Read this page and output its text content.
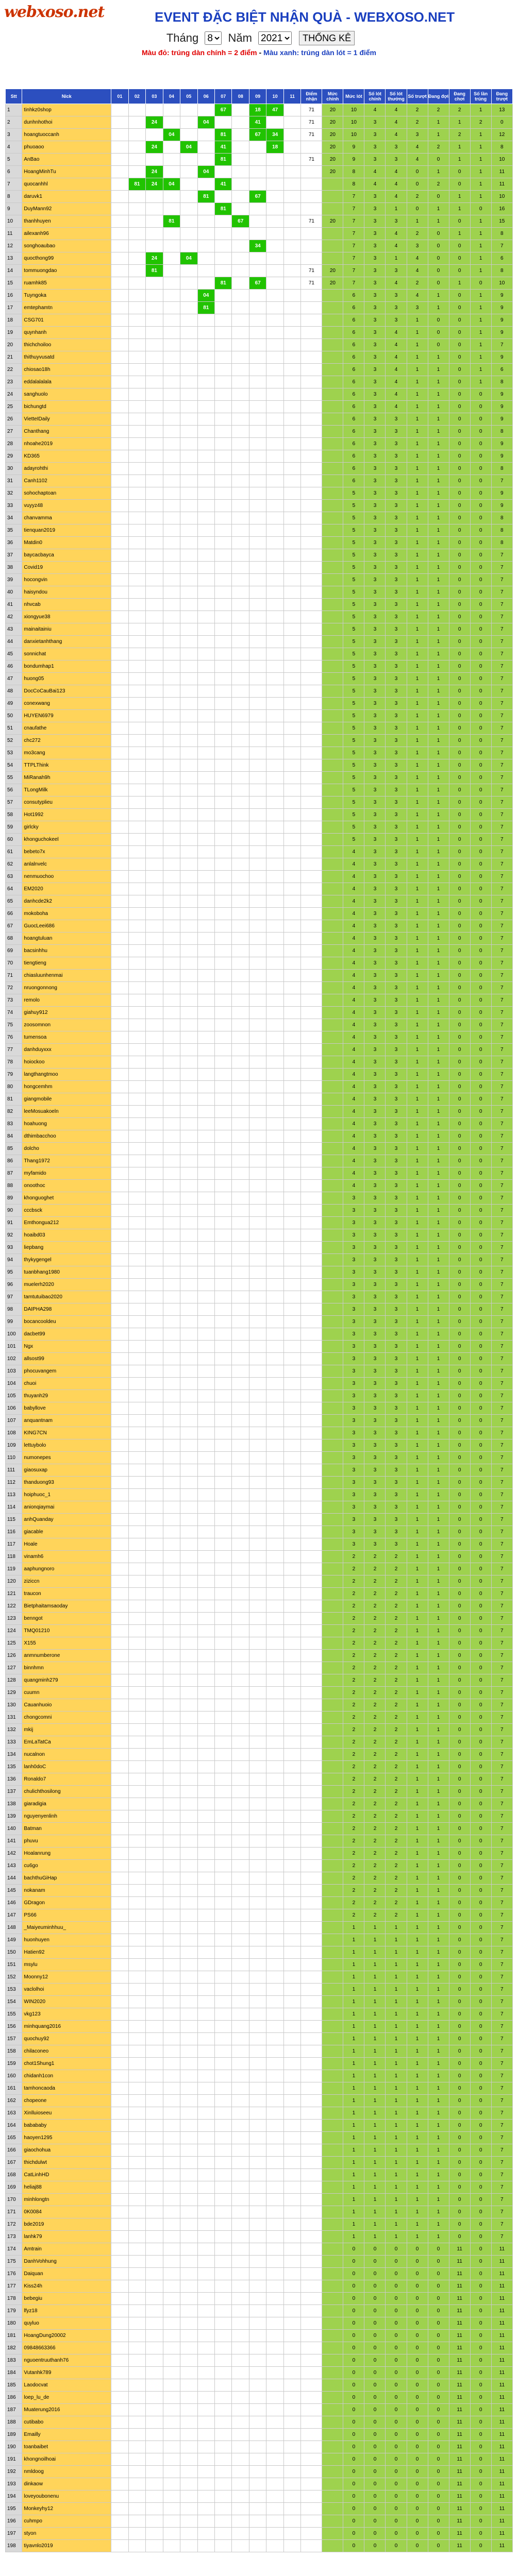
webxoso.net	EVENT ĐẶC BIỆT NHẬN QUÀ - WEBXOSO.NET
Tháng
8	Năm
2021	THỐNG KÊ
Màu đỏ: trúng dàn chính = 2 điểm - Màu xanh: trúng dàn lót = 1 điểm
Stt	Nick	01	02	03	04	05	06	07	08	09	10	11	Điểm nhận	Mức chính	Mức lót	Số lót chính	Số lót thưởng	Số trượt	Đang đợi	Đang chơi	Số lần trúng	Đang trượt
1	tinhkz0shop							67		18	47		71	20	10	4	4	2	2	2	1	13
2	dunhnhothoi			24			04			41			71	20	10	3	4	2	1	1	2	0
3	hoangtuoccanh				04			81		67	34		71	20	10	3	4	3	1	2	1	12
4	phuoaoo			24		04		41			18			20	9	3	3	4	2	1	1	8
5	AnBao							81					71	20	9	3	3	4	0	1	1	10
6	HoangMinhTu			24			04							20	8	4	4	0	1	0	1	11
7	quocanhhl		81	24	04			41							8	4	4	0	2	0	1	11
8	daruvk1						81			67					7	3	4	2	0	1	1	10
9	DuyMann92							81							7	3	1	0	1	1	0	16
10	thanhhuyen				81				67				71	20	7	3	3	1	1	0	1	15
11	ailexanh96														7	3	4	2	0	1	1	8
12	songhoaubao									34					7	3	4	3	0	0	1	7
13	quocthong99			24		04									7	3	1	4	0	0	1	6
14	tommuongdao			81									71	20	7	3	3	4	0	0	1	8
15	ruamhk85							81		67			71	20	7	3	4	2	0	1	0	10
16	Tuyngoka						04								6	3	3	4	1	0	1	9
17	emtephamtn						81								6	3	3	3	1	0	1	9
18	CSG701														6	3	3	1	0	0	1	9
19	quynhanh														6	3	4	1	0	0	1	9
20	thichchoiloo														6	3	4	1	0	0	1	7
21	thithuyvusatd														6	3	4	1	1	0	1	9
22	chiosao18h														6	3	4	1	1	0	1	6
23	eddalalalala														6	3	4	1	1	0	1	8
24	sanghuolo														6	3	4	1	1	0	0	9
25	bichungtd														6	3	4	1	1	0	0	9
26	VietteIDaily														6	3	3	1	1	0	0	9
27	Chanthang														6	3	3	1	1	0	0	8
28	nhoahe2019														6	3	3	1	1	0	0	9
29	KD365														6	3	3	1	1	0	0	9
30	adayrohthi														6	3	3	1	1	0	0	8
31	Canh1102														6	3	3	1	1	0	0	7
32	sohochaptoan														5	3	3	1	1	0	0	9
33	vuyyz48														5	3	3	1	1	0	0	9
34	chanvamma														5	3	3	1	1	0	0	8
35	tienquan2019														5	3	3	1	1	0	0	8
36	Matdin0														5	3	3	1	1	0	0	8
37	baycacbayca														5	3	3	1	1	0	0	7
38	Covid19														5	3	3	1	1	0	0	7
39	hocongvin														5	3	3	1	1	0	0	7
40	haisyndou														5	3	3	1	1	0	0	7
41	nhvcab														5	3	3	1	1	0	0	7
42	xiongyue38														5	3	3	1	1	0	0	7
43	mainaitainiu														5	3	3	1	1	0	0	7
44	danxietanhthang														5	3	3	1	1	0	0	7
45	sonnichat														5	3	3	1	1	0	0	7
46	bondumhap1														5	3	3	1	1	0	0	7
47	huong05														5	3	3	1	1	0	0	7
48	DocCoCauBai123														5	3	3	1	1	0	0	7
49	conexwang														5	3	3	1	1	0	0	7
50	HUYEN6979														5	3	3	1	1	0	0	7
51	cnaufathe														5	3	3	1	1	0	0	7
52	chc272														5	3	3	1	1	0	0	7
53	mo3cang														5	3	3	1	1	0	0	7
54	TTPLThink														5	3	3	1	1	0	0	7
55	MiRanah9h														5	3	3	1	1	0	0	7
56	TLongMilk														5	3	3	1	1	0	0	7
57	consutyplieu														5	3	3	1	1	0	0	7
58	Hot1992														5	3	3	1	1	0	0	7
59	girlcky														5	3	3	1	1	0	0	7
60	khonguchokeel														5	3	3	1	1	0	0	7
61	bebeto7x														4	3	3	1	1	0	0	7
62	anlalnvelc														4	3	3	1	1	0	0	7
63	nenmuochoo														4	3	3	1	1	0	0	7
64	EM2020														4	3	3	1	1	0	0	7
65	danhcde2k2														4	3	3	1	1	0	0	7
66	mokoboha														4	3	3	1	1	0	0	7
67	GuocLeei686														4	3	3	1	1	0	0	7
68	hoangtuluan														4	3	3	1	1	0	0	7
69	bacsinhhu														4	3	3	1	1	0	0	7
70	tiengtieng														4	3	3	1	1	0	0	7
71	chiasluunhenmai														4	3	3	1	1	0	0	7
72	nruongonnong														4	3	3	1	1	0	0	7
73	remolo														4	3	3	1	1	0	0	7
74	giahuy912														4	3	3	1	1	0	0	7
75	zoosomnon														4	3	3	1	1	0	0	7
76	tumensoa														4	3	3	1	1	0	0	7
77	danhduyxxx														4	3	3	1	1	0	0	7
78	hoiockoo														4	3	3	1	1	0	0	7
79	langthangtmoo														4	3	3	1	1	0	0	7
80	hongcemhm														4	3	3	1	1	0	0	7
81	giangmobile														4	3	3	1	1	0	0	7
82	leeMosuakoeln														4	3	3	1	1	0	0	7
83	hoahuong														4	3	3	1	1	0	0	7
84	dthimbacchoo														4	3	3	1	1	0	0	7
85	dolcho														4	3	3	1	1	0	0	7
86	Thang1972														4	3	3	1	1	0	0	7
87	myfamido														4	3	3	1	1	0	0	7
88	onoothoc														4	3	3	1	1	0	0	7
89	khonguoghet														3	3	3	1	1	0	0	7
90	cccbsck														3	3	3	1	1	0	0	7
91	Emthongua212														3	3	3	1	1	0	0	7
92	hoaibd03														3	3	3	1	1	0	0	7
93	liepbang														3	3	3	1	1	0	0	7
94	thykygengel														3	3	3	1	1	0	0	7
95	tuanbhang1980														3	3	3	1	1	0	0	7
96	muelerh2020														3	3	3	1	1	0	0	7
97	tamtutuibao2020														3	3	3	1	1	0	0	7
98	DAIPHA298														3	3	3	1	1	0	0	7
99	bocancooldeu														3	3	3	1	1	0	0	7
100	dacbet99														3	3	3	1	1	0	0	7
101	Ngx														3	3	3	1	1	0	0	7
102	allsost99														3	3	3	1	1	0	0	7
103	phocuvangem														3	3	3	1	1	0	0	7
104	chuoi														3	3	3	1	1	0	0	7
105	thuyanh29														3	3	3	1	1	0	0	7
106	babyllove														3	3	3	1	1	0	0	7
107	anquantnam														3	3	3	1	1	0	0	7
108	KING7CN														3	3	3	1	1	0	0	7
109	lettuybolo														3	3	3	1	1	0	0	7
110	numonepes														3	3	3	1	1	0	0	7
111	giaosuxap														3	3	3	1	1	0	0	7
112	thanduong93														3	3	3	1	1	0	0	7
113	hoiphuoc_1														3	3	3	1	1	0	0	7
114	anionqiaymai														3	3	3	1	1	0	0	7
115	anhQuanday														3	3	3	1	1	0	0	7
116	giacable														3	3	3	1	1	0	0	7
117	Hoale														3	3	3	1	1	0	0	7
118	vinamh6														2	2	2	1	1	0	0	7
119	aaphungnoro														2	2	2	1	1	0	0	7
120	ziziccn														2	2	2	1	1	0	0	7
121	traucon														2	2	2	1	1	0	0	7
122	Bietphaitamsaoday														2	2	2	1	1	0	0	7
123	benngot														2	2	2	1	1	0	0	7
124	TMQ01210														2	2	2	1	1	0	0	7
125	X155														2	2	2	1	1	0	0	7
126	anmnumberone														2	2	2	1	1	0	0	7
127	binnhmn														2	2	2	1	1	0	0	7
128	quangminh279														2	2	2	1	1	0	0	7
129	cuumn														2	2	2	1	1	0	0	7
130	Cauanhuoio														2	2	2	1	1	0	0	7
131	chongcomni														2	2	2	1	1	0	0	7
132	mkij														2	2	2	1	1	0	0	7
133	EmLaTatCa														2	2	2	1	1	0	0	7
134	nucalnon														2	2	2	1	1	0	0	7
135	lanh0doC														2	2	2	1	1	0	0	7
136	Ronaldo7														2	2	2	1	1	0	0	7
137	chulichthosilong														2	2	2	1	1	0	0	7
138	giaradigia														2	2	2	1	1	0	0	7
139	nguyenyenlinh														2	2	2	1	1	0	0	7
140	Batman														2	2	2	1	1	0	0	7
141	phuvu														2	2	2	1	1	0	0	7
142	Hoalanrung														2	2	2	1	1	0	0	7
143	cu6go														2	2	2	1	1	0	0	7
144	bachthuGiHap														2	2	2	1	1	0	0	7
145	nokanam														2	2	2	1	1	0	0	7
146	GDragon														2	2	2	1	1	0	0	7
147	PS66														2	2	2	1	1	0	0	7
148	_Maiyeuminhhuu_														1	1	1	1	1	0	0	7
149	huonhuyen														1	1	1	1	1	0	0	7
150	Hatien92														1	1	1	1	1	0	0	7
151	msylu														1	1	1	1	1	0	0	7
152	Moonny12														1	1	1	1	1	0	0	7
153	vaclolhoi														1	1	1	1	1	0	0	7
154	WIN2020														1	1	1	1	1	0	0	7
155	vkg123														1	1	1	1	1	0	0	7
156	minhquang2016														1	1	1	1	1	0	0	7
157	quochuy92														1	1	1	1	1	0	0	7
158	chilaconeo														1	1	1	1	1	0	0	7
159	chot1Shung1														1	1	1	1	1	0	0	7
160	chidanh1con														1	1	1	1	1	0	0	7
161	tamhoncaoda														1	1	1	1	1	0	0	7
162	chopeone														1	1	1	1	1	0	0	7
163	Xinlluioseeu														1	1	1	1	1	0	0	7
164	babababy														1	1	1	1	1	0	0	7
165	haoyen1295														1	1	1	1	1	0	0	7
166	giaochohua														1	1	1	1	1	0	0	7
167	thichdulwt														1	1	1	1	1	0	0	7
168	CatLinhHD														1	1	1	1	1	0	0	7
169	heliaj88														1	1	1	1	1	0	0	7
170	minhlongtn														1	1	1	1	1	0	0	7
171	0K0084														1	1	1	1	1	0	0	7
172	bde2019														1	1	1	1	1	0	0	7
173	lanhk79														1	1	1	1	1	0	0	7
174	Amtrain														0	0	0	0	0	11	0	11
175	DanhVohhung														0	0	0	0	0	11	0	11
176	Daiquan														0	0	0	0	0	11	0	11
177	Kiss24h														0	0	0	0	0	11	0	11
178	bebegiu														0	0	0	0	0	11	0	11
179	lfyz18														0	0	0	0	0	11	0	11
180	quyluo														0	0	0	0	0	11	0	11
181	HoangDung20002														0	0	0	0	0	11	0	11
182	09848663366														0	0	0	0	0	11	0	11
183	nguoentruuthanh76														0	0	0	0	0	11	0	11
184	Vutanhk789														0	0	0	0	0	11	0	11
185	Laodocvat														0	0	0	0	0	11	0	11
186	loep_lu_de														0	0	0	0	0	11	0	11
187	Muaterung2016														0	0	0	0	0	11	0	11
188	cutibabo														0	0	0	0	0	11	0	11
189	Emailly														0	0	0	0	0	11	0	11
190	toanbaibet														0	0	0	0	0	11	0	11
191	khongnoilhoai														0	0	0	0	0	11	0	11
192	nmldoog														0	0	0	0	0	11	0	11
193	dinkaow														0	0	0	0	0	11	0	11
194	loveyoubonenu														0	0	0	0	0	11	0	11
195	Monkeyhy12														0	0	0	0	0	11	0	11
196	cuhmpo														0	0	0	0	0	11	0	11
197	styon														0	0	0	0	0	11	0	11
198	tiyavnlo2019														0	0	0	0	0	11	0	11
